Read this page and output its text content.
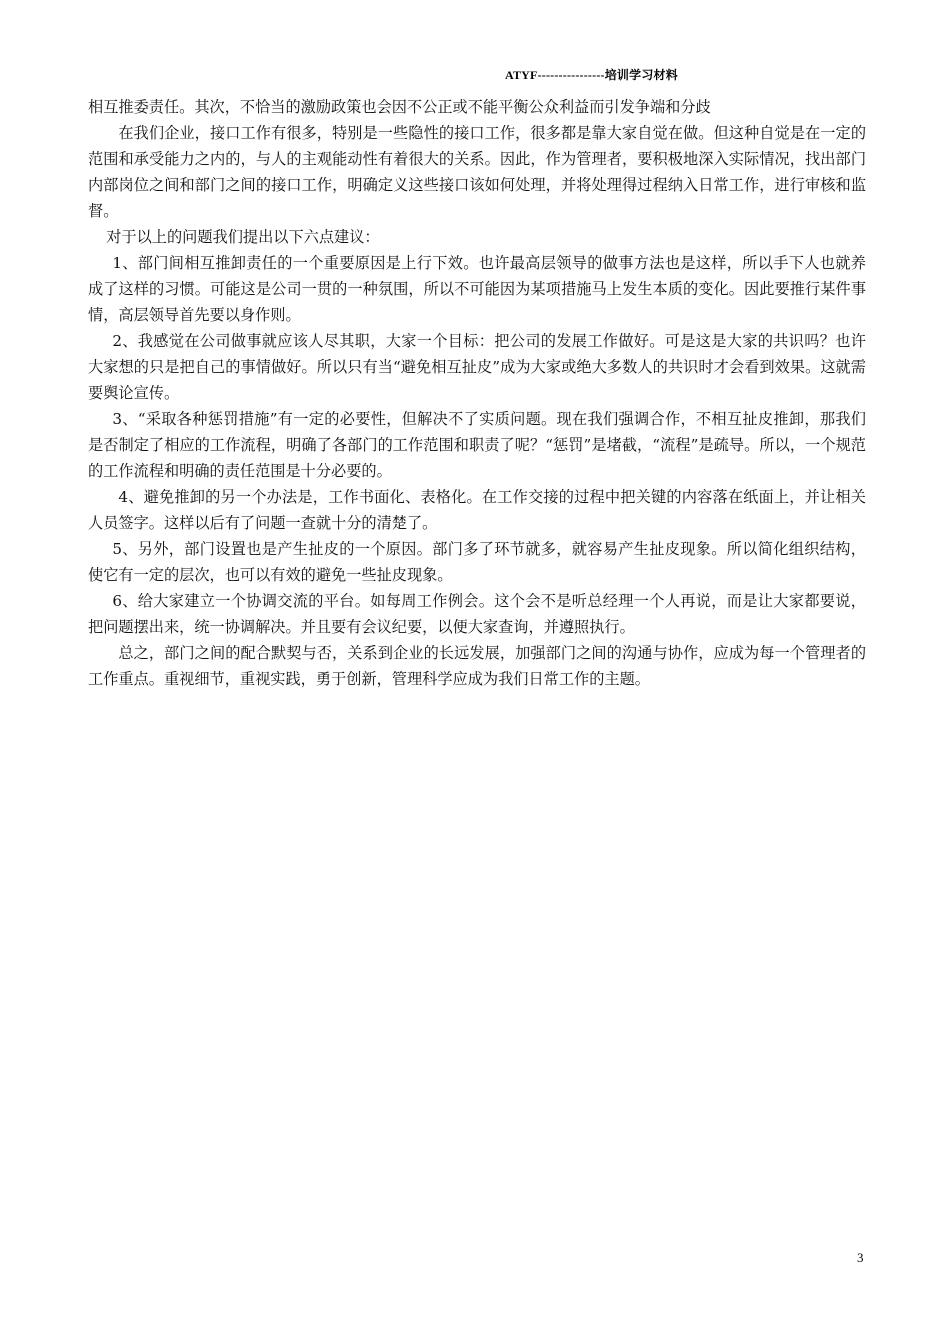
ATYF----------------培训学习材料

相互推委责任。其次，不恰当的激励政策也会因不公正或不能平衡公众利益而引发争端和分歧

在我们企业，接口工作有很多，特别是一些隐性的接口工作，很多都是靠大家自觉在做。但这种自觉是在一定的范围和承受能力之内的，与人的主观能动性有着很大的关系。因此，作为管理者，要积极地深入实际情况，找出部门内部岗位之间和部门之间的接口工作，明确定义这些接口该如何处理，并将处理得过程纳入日常工作，进行审核和监督。

对于以上的问题我们提出以下六点建议：

1、部门间相互推卸责任的一个重要原因是上行下效。也许最高层领导的做事方法也是这样，所以手下人也就养成了这样的习惯。可能这是公司一贯的一种氛围，所以不可能因为某项措施马上发生本质的变化。因此要推行某件事情，高层领导首先要以身作则。

2、我感觉在公司做事就应该人尽其职，大家一个目标：把公司的发展工作做好。可是这是大家的共识吗？也许大家想的只是把自己的事情做好。所以只有当“避免相互扯皮”成为大家或绝大多数人的共识时才会看到效果。这就需要舆论宣传。

3、“采取各种惩罚措施”有一定的必要性，但解决不了实质问题。现在我们强调合作，不相互扯皮推卸，那我们是否制定了相应的工作流程，明确了各部门的工作范围和职责了呢？“惩罚”是堵截，“流程”是疏导。所以，一个规范的工作流程和明确的责任范围是十分必要的。

4、避免推卸的另一个办法是，工作书面化、表格化。在工作交接的过程中把关键的内容落在纸面上，并让相关人员签字。这样以后有了问题一查就十分的清楚了。

5、另外，部门设置也是产生扯皮的一个原因。部门多了环节就多，就容易产生扯皮现象。所以简化组织结构，使它有一定的层次，也可以有效的避免一些扯皮现象。

6、给大家建立一个协调交流的平台。如每周工作例会。这个会不是听总经理一个人再说，而是让大家都要说，把问题摆出来，统一协调解决。并且要有会议纪要，以便大家查询，并遵照执行。

总之，部门之间的配合默契与否，关系到企业的长远发展，加强部门之间的沟通与协作，应成为每一个管理者的工作重点。重视细节，重视实践，勇于创新，管理科学应成为我们日常工作的主题。

3
